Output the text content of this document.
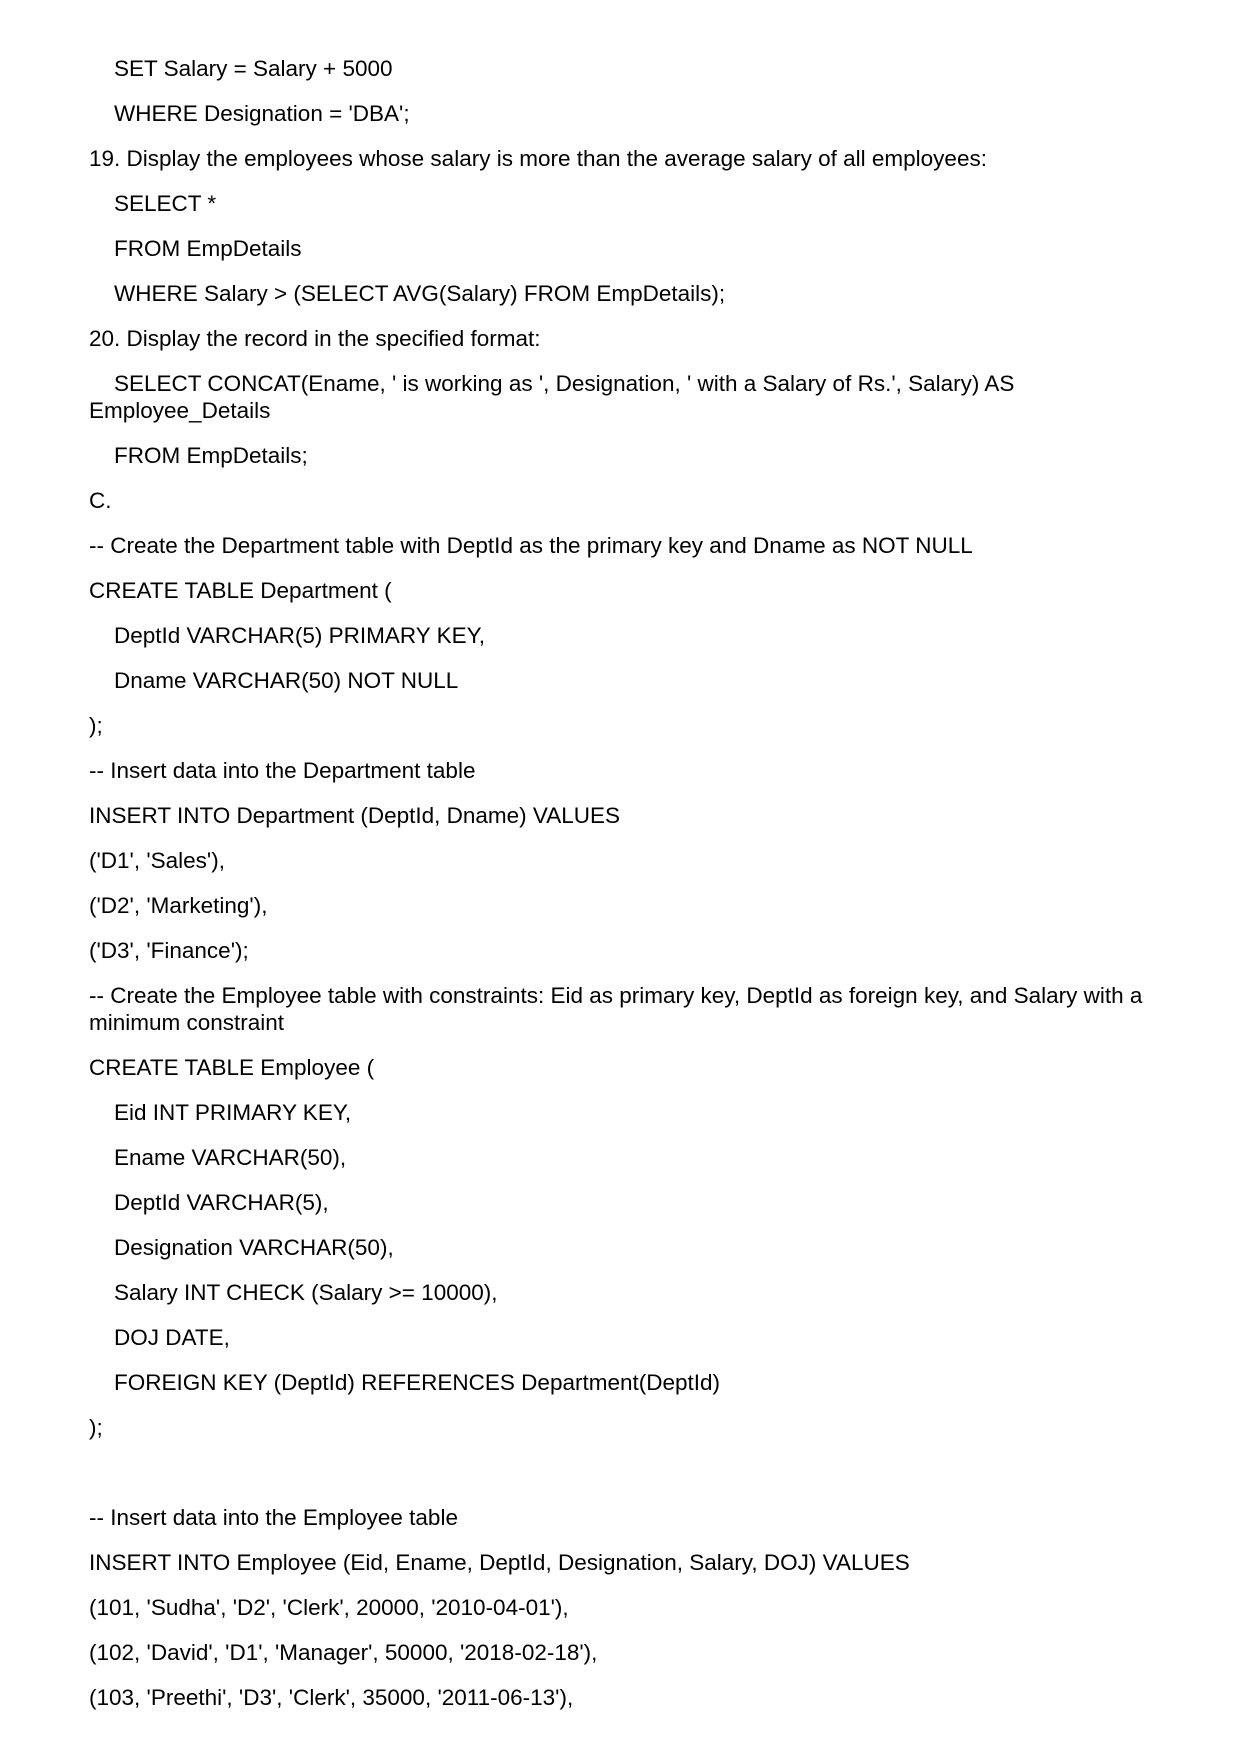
SET Salary = Salary + 5000
WHERE Designation = 'DBA';
19. Display the employees whose salary is more than the average salary of all employees:
SELECT *
FROM EmpDetails
WHERE Salary > (SELECT AVG(Salary) FROM EmpDetails);
20. Display the record in the specified format:
SELECT CONCAT(Ename, ' is working as ', Designation, ' with a Salary of Rs.', Salary) AS Employee_Details
FROM EmpDetails;
C.
-- Create the Department table with DeptId as the primary key and Dname as NOT NULL
CREATE TABLE Department (
DeptId VARCHAR(5) PRIMARY KEY,
Dname VARCHAR(50) NOT NULL
);
-- Insert data into the Department table
INSERT INTO Department (DeptId, Dname) VALUES
('D1', 'Sales'),
('D2', 'Marketing'),
('D3', 'Finance');
-- Create the Employee table with constraints: Eid as primary key, DeptId as foreign key, and Salary with a minimum constraint
CREATE TABLE Employee (
Eid INT PRIMARY KEY,
Ename VARCHAR(50),
DeptId VARCHAR(5),
Designation VARCHAR(50),
Salary INT CHECK (Salary >= 10000),
DOJ DATE,
FOREIGN KEY (DeptId) REFERENCES Department(DeptId)
);
-- Insert data into the Employee table
INSERT INTO Employee (Eid, Ename, DeptId, Designation, Salary, DOJ) VALUES
(101, 'Sudha', 'D2', 'Clerk', 20000, '2010-04-01'),
(102, 'David', 'D1', 'Manager', 50000, '2018-02-18'),
(103, 'Preethi', 'D3', 'Clerk', 35000, '2011-06-13'),
